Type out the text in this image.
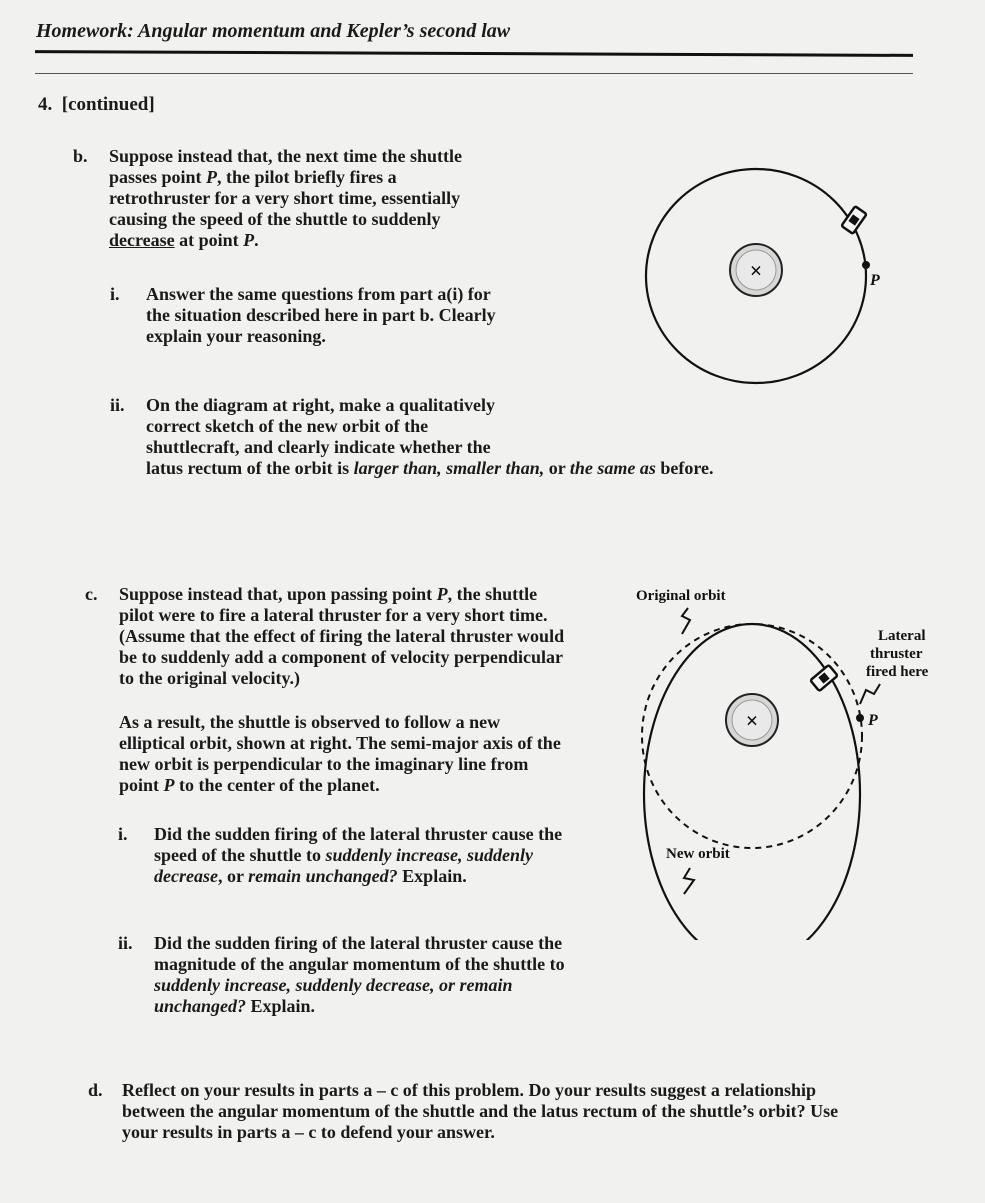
Homework: Angular momentum and Kepler’s second law
4. [continued]
b. Suppose instead that, the next time the shuttle
passes point P, the pilot briefly fires a
retrothruster for a very short time, essentially
causing the speed of the shuttle to suddenly
decrease at point P.
i. Answer the same questions from part a(i) for
the situation described here in part b. Clearly
explain your reasoning.
ii. On the diagram at right, make a qualitatively
correct sketch of the new orbit of the
shuttlecraft, and clearly indicate whether the
latus rectum of the orbit is larger than, smaller than, or the same as before.
c. Suppose instead that, upon passing point P, the shuttle
pilot were to fire a lateral thruster for a very short time.
(Assume that the effect of firing the lateral thruster would
be to suddenly add a component of velocity perpendicular
to the original velocity.)
As a result, the shuttle is observed to follow a new
elliptical orbit, shown at right. The semi-major axis of the
new orbit is perpendicular to the imaginary line from
point P to the center of the planet.
i. Did the sudden firing of the lateral thruster cause the
speed of the shuttle to suddenly increase, suddenly
decrease, or remain unchanged? Explain.
ii. Did the sudden firing of the lateral thruster cause the
magnitude of the angular momentum of the shuttle to
suddenly increase, suddenly decrease, or remain
unchanged? Explain.
d. Reflect on your results in parts a – c of this problem. Do your results suggest a relationship
between the angular momentum of the shuttle and the latus rectum of the shuttle’s orbit? Use
your results in parts a – c to defend your answer.
×	P
×	P
Original orbit
Lateral
thruster
fired here
New orbit
